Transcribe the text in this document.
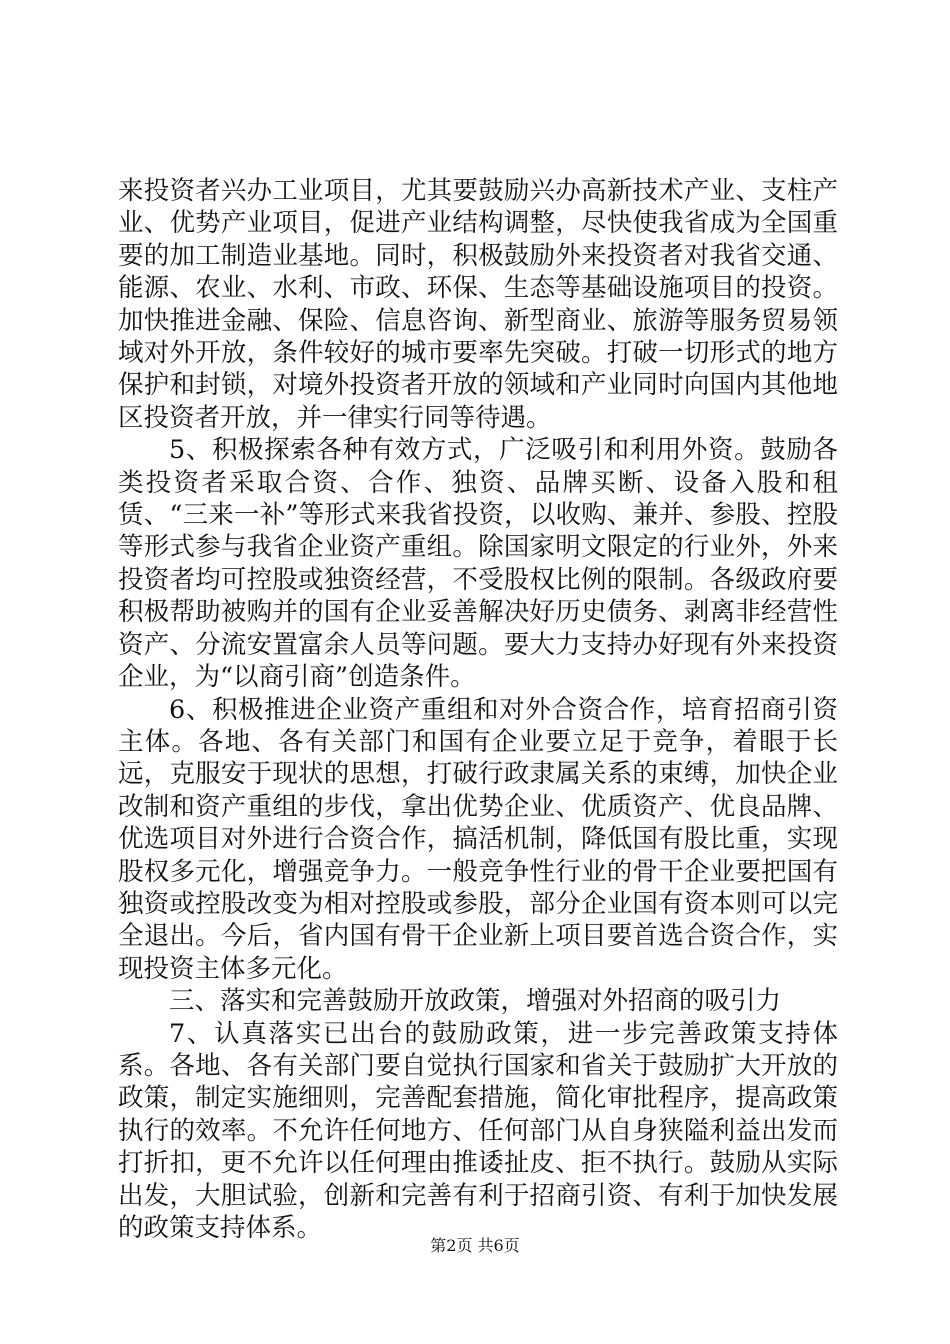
来投资者兴办工业项目，尤其要鼓励兴办高新技术产业、支柱产业、优势产业项目，促进产业结构调整，尽快使我省成为全国重要的加工制造业基地。同时，积极鼓励外来投资者对我省交通、能源、农业、水利、市政、环保、生态等基础设施项目的投资。加快推进金融、保险、信息咨询、新型商业、旅游等服务贸易领域对外开放，条件较好的城市要率先突破。打破一切形式的地方保护和封锁，对境外投资者开放的领域和产业同时向国内其他地区投资者开放，并一律实行同等待遇。

5、积极探索各种有效方式，广泛吸引和利用外资。鼓励各类投资者采取合资、合作、独资、品牌买断、设备入股和租赁、“三来一补”等形式来我省投资，以收购、兼并、参股、控股等形式参与我省企业资产重组。除国家明文限定的行业外，外来投资者均可控股或独资经营，不受股权比例的限制。各级政府要积极帮助被购并的国有企业妥善解决好历史债务、剥离非经营性资产、分流安置富余人员等问题。要大力支持办好现有外来投资企业，为“以商引商”创造条件。

6、积极推进企业资产重组和对外合资合作，培育招商引资主体。各地、各有关部门和国有企业要立足于竞争，着眼于长远，克服安于现状的思想，打破行政隶属关系的束缚，加快企业改制和资产重组的步伐，拿出优势企业、优质资产、优良品牌、优选项目对外进行合资合作，搞活机制，降低国有股比重，实现股权多元化，增强竞争力。一般竞争性行业的骨干企业要把国有独资或控股改变为相对控股或参股，部分企业国有资本则可以完全退出。今后，省内国有骨干企业新上项目要首选合资合作，实现投资主体多元化。

三、落实和完善鼓励开放政策，增强对外招商的吸引力

7、认真落实已出台的鼓励政策，进一步完善政策支持体系。各地、各有关部门要自觉执行国家和省关于鼓励扩大开放的政策，制定实施细则，完善配套措施，简化审批程序，提高政策执行的效率。不允许任何地方、任何部门从自身狭隘利益出发而打折扣，更不允许以任何理由推诿扯皮、拒不执行。鼓励从实际出发，大胆试验，创新和完善有利于招商引资、有利于加快发展的政策支持体系。

第2页 共6页
